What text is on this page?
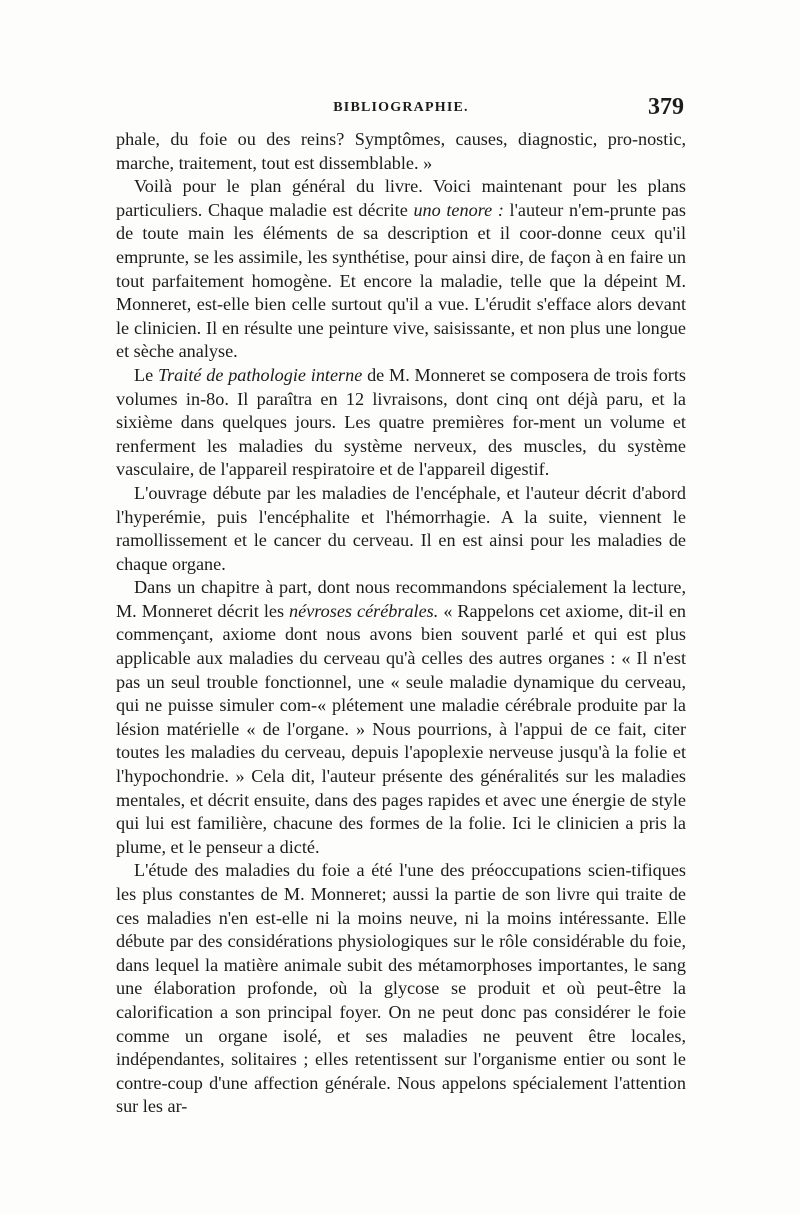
BIBLIOGRAPHIE.	379

phale, du foie ou des reins? Symptômes, causes, diagnostic, pro-nostic, marche, traitement, tout est dissemblable. »

Voilà pour le plan général du livre. Voici maintenant pour les plans particuliers. Chaque maladie est décrite uno tenore : l'auteur n'em-prunte pas de toute main les éléments de sa description et il coor-donne ceux qu'il emprunte, se les assimile, les synthétise, pour ainsi dire, de façon à en faire un tout parfaitement homogène. Et encore la maladie, telle que la dépeint M. Monneret, est-elle bien celle surtout qu'il a vue. L'érudit s'efface alors devant le clinicien. Il en résulte une peinture vive, saisissante, et non plus une longue et sèche analyse.

Le Traité de pathologie interne de M. Monneret se composera de trois forts volumes in-8o. Il paraîtra en 12 livraisons, dont cinq ont déjà paru, et la sixième dans quelques jours. Les quatre premières for-ment un volume et renferment les maladies du système nerveux, des muscles, du système vasculaire, de l'appareil respiratoire et de l'appareil digestif.

L'ouvrage débute par les maladies de l'encéphale, et l'auteur décrit d'abord l'hyperémie, puis l'encéphalite et l'hémorrhagie. A la suite, viennent le ramollissement et le cancer du cerveau. Il en est ainsi pour les maladies de chaque organe.

Dans un chapitre à part, dont nous recommandons spécialement la lecture, M. Monneret décrit les névroses cérébrales. « Rappelons cet axiome, dit-il en commençant, axiome dont nous avons bien souvent parlé et qui est plus applicable aux maladies du cerveau qu'à celles des autres organes : « Il n'est pas un seul trouble fonctionnel, une « seule maladie dynamique du cerveau, qui ne puisse simuler com-« plétement une maladie cérébrale produite par la lésion matérielle « de l'organe. » Nous pourrions, à l'appui de ce fait, citer toutes les maladies du cerveau, depuis l'apoplexie nerveuse jusqu'à la folie et l'hypochondrie. » Cela dit, l'auteur présente des généralités sur les maladies mentales, et décrit ensuite, dans des pages rapides et avec une énergie de style qui lui est familière, chacune des formes de la folie. Ici le clinicien a pris la plume, et le penseur a dicté.

L'étude des maladies du foie a été l'une des préoccupations scien-tifiques les plus constantes de M. Monneret; aussi la partie de son livre qui traite de ces maladies n'en est-elle ni la moins neuve, ni la moins intéressante. Elle débute par des considérations physiologiques sur le rôle considérable du foie, dans lequel la matière animale subit des métamorphoses importantes, le sang une élaboration profonde, où la glycose se produit et où peut-être la calorification a son principal foyer. On ne peut donc pas considérer le foie comme un organe isolé, et ses maladies ne peuvent être locales, indépendantes, solitaires ; elles retentissent sur l'organisme entier ou sont le contre-coup d'une affection générale. Nous appelons spécialement l'attention sur les ar-
